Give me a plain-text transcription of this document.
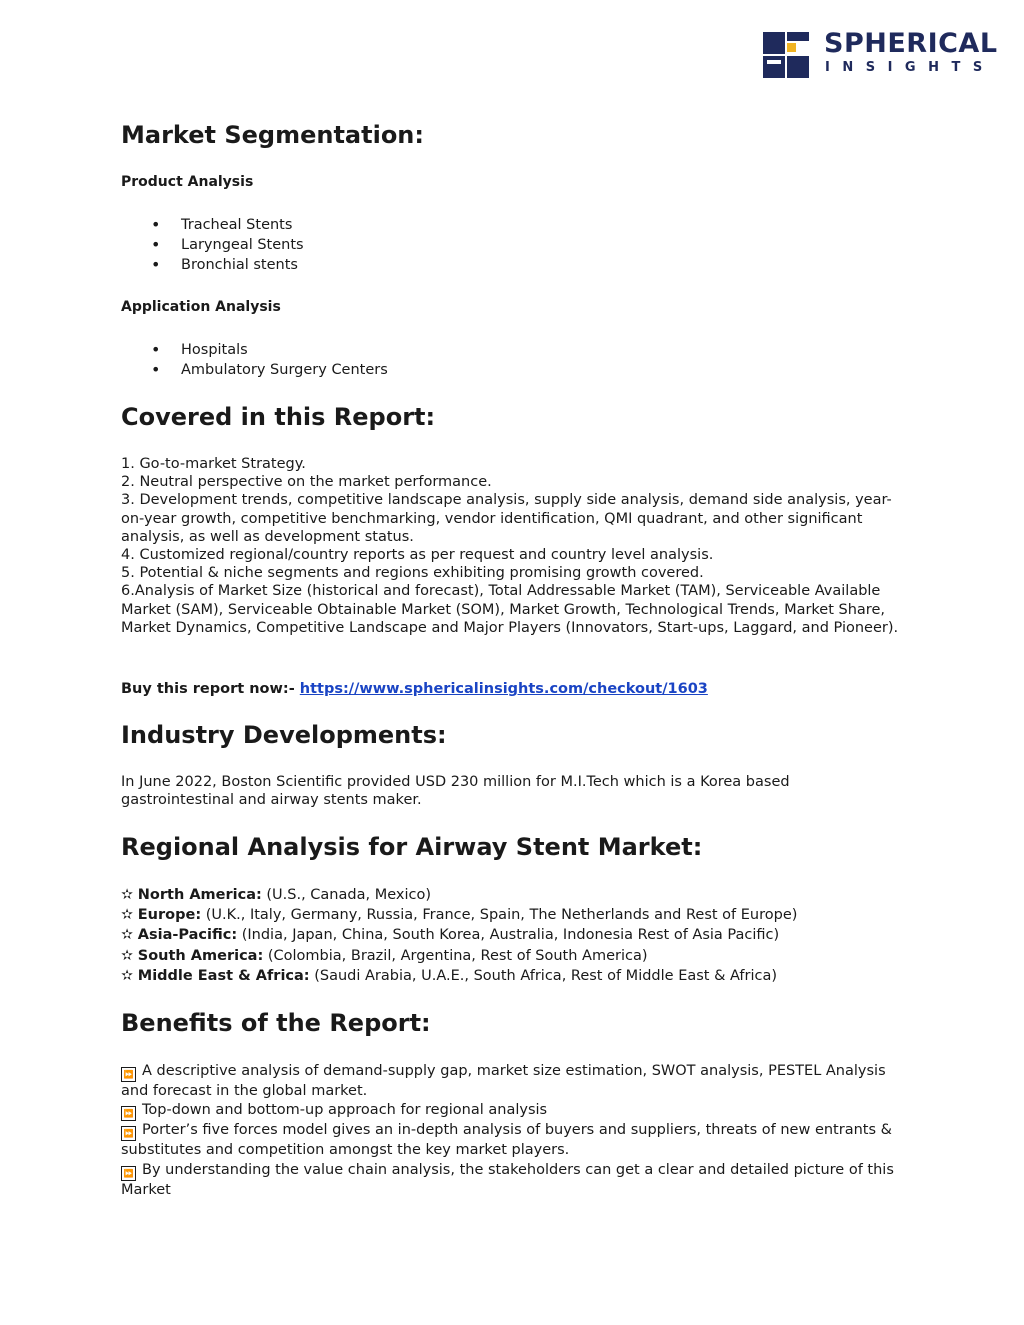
SPHERICAL
INSIGHTS
Market Segmentation:
Product Analysis
• Tracheal Stents
• Laryngeal Stents
• Bronchial stents
Application Analysis
• Hospitals
• Ambulatory Surgery Centers
Covered in this Report:
1. Go-to-market Strategy.
2. Neutral perspective on the market performance.
3. Development trends, competitive landscape analysis, supply side analysis, demand side analysis, year-on-year growth, competitive benchmarking, vendor identification, QMI quadrant, and other significant analysis, as well as development status.
4. Customized regional/country reports as per request and country level analysis.
5. Potential & niche segments and regions exhibiting promising growth covered.
6.Analysis of Market Size (historical and forecast), Total Addressable Market (TAM), Serviceable Available Market (SAM), Serviceable Obtainable Market (SOM), Market Growth, Technological Trends, Market Share, Market Dynamics, Competitive Landscape and Major Players (Innovators, Start-ups, Laggard, and Pioneer).
Buy this report now:- https://www.sphericalinsights.com/checkout/1603
Industry Developments:
In June 2022, Boston Scientific provided USD 230 million for M.I.Tech which is a Korea based gastrointestinal and airway stents maker.
Regional Analysis for Airway Stent Market:
✫ North America: (U.S., Canada, Mexico)
✫ Europe: (U.K., Italy, Germany, Russia, France, Spain, The Netherlands and Rest of Europe)
✫ Asia-Pacific: (India, Japan, China, South Korea, Australia, Indonesia Rest of Asia Pacific)
✫ South America: (Colombia, Brazil, Argentina, Rest of South America)
✫ Middle East & Africa: (Saudi Arabia, U.A.E., South Africa, Rest of Middle East & Africa)
Benefits of the Report:
⏩ A descriptive analysis of demand-supply gap, market size estimation, SWOT analysis, PESTEL Analysis and forecast in the global market.
⏩ Top-down and bottom-up approach for regional analysis
⏩ Porter’s five forces model gives an in-depth analysis of buyers and suppliers, threats of new entrants & substitutes and competition amongst the key market players.
⏩ By understanding the value chain analysis, the stakeholders can get a clear and detailed picture of this Market
